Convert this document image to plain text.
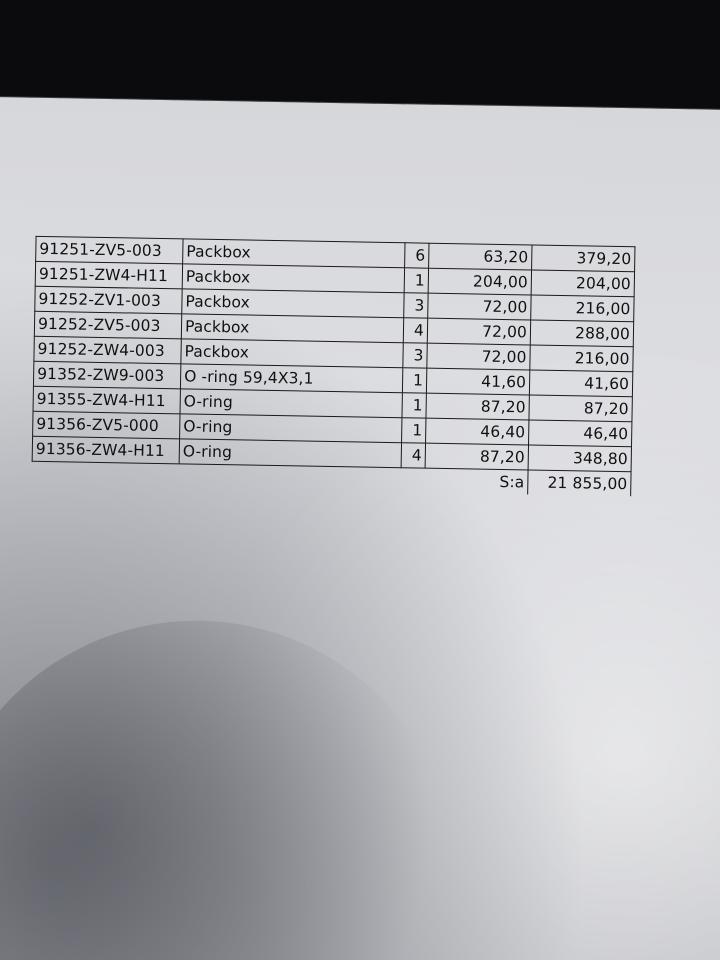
91251-ZV5-003	Packbox	6	63,20	379,20
91251-ZW4-H11	Packbox	1	204,00	204,00
91252-ZV1-003	Packbox	3	72,00	216,00
91252-ZV5-003	Packbox	4	72,00	288,00
91252-ZW4-003	Packbox	3	72,00	216,00
91352-ZW9-003	O -ring 59,4X3,1	1	41,60	41,60
91355-ZW4-H11	O-ring	1	87,20	87,20
91356-ZV5-000	O-ring	1	46,40	46,40
91356-ZW4-H11	O-ring	4	87,20	348,80
			S:a	21 855,00
